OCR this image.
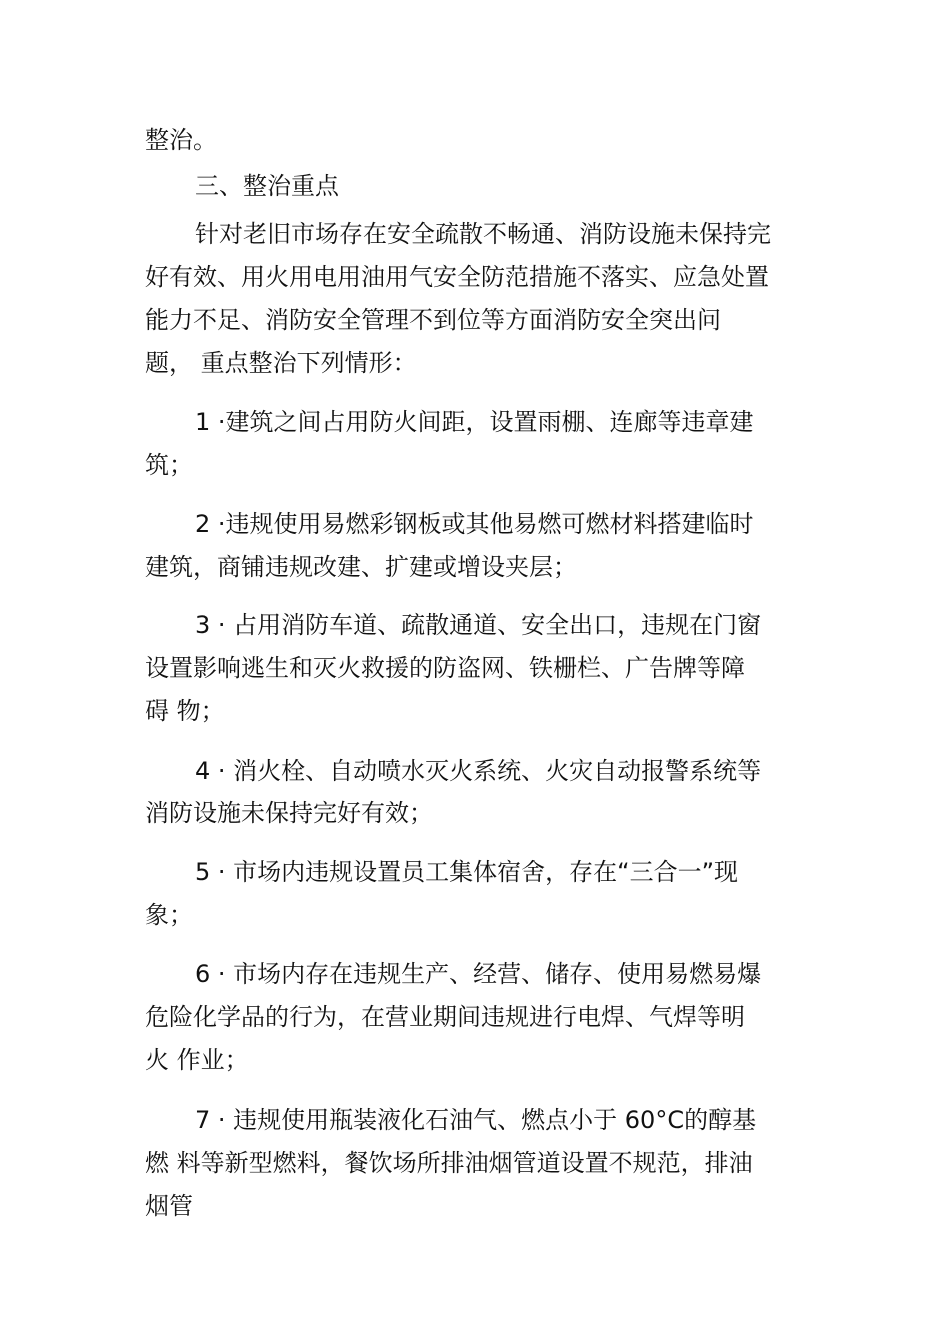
整治。
三、整治重点
针对老旧市场存在安全疏散不畅通、消防设施未保持完
好有效、用火用电用油用气安全防范措施不落实、应急处置
能力不足、消防安全管理不到位等方面消防安全突出问
题， 重点整治下列情形：
1 ·建筑之间占用防火间距，设置雨棚、连廊等违章建
筑；
2 ·违规使用易燃彩钢板或其他易燃可燃材料搭建临时
建筑，商铺违规改建、扩建或增设夹层；
3 · 占用消防车道、疏散通道、安全出口，违规在门窗
设置影响逃生和灭火救援的防盗网、铁栅栏、广告牌等障
碍 物；
4 · 消火栓、自动喷水灭火系统、火灾自动报警系统等
消防设施未保持完好有效；
5 · 市场内违规设置员工集体宿舍，存在“三合一”现
象；
6 · 市场内存在违规生产、经营、储存、使用易燃易爆
危险化学品的行为，在营业期间违规进行电焊、气焊等明
火 作业；
7 · 违规使用瓶装液化石油气、燃点小于 60°C的醇基
燃 料等新型燃料，餐饮场所排油烟管道设置不规范，排油
烟管
